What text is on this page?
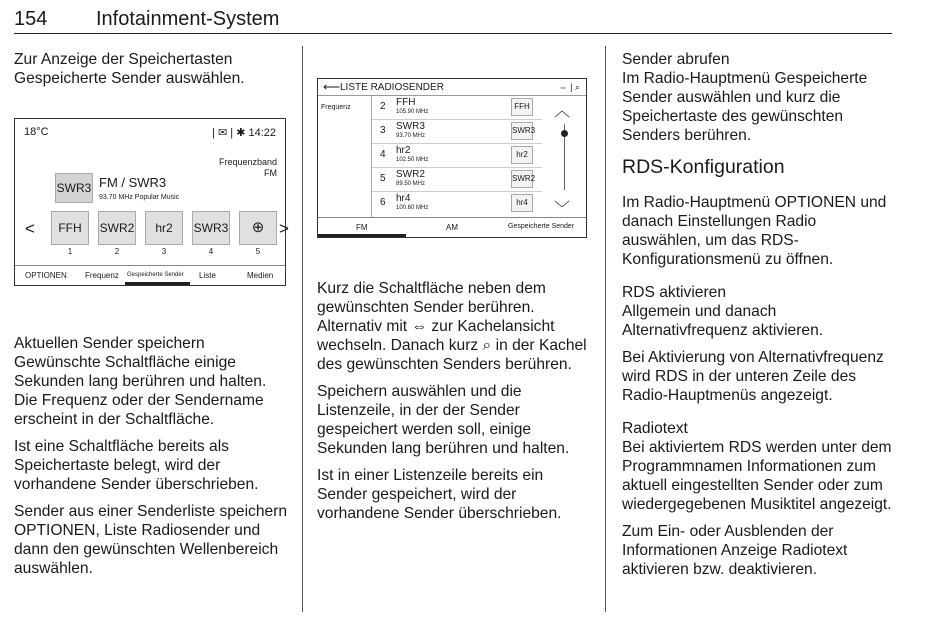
154 Infotainment-System

Zur Anzeige der Speichertasten
Gespeicherte Sender auswählen.

18°C	| ✉ | ✱ 14:22
Frequenzband
FM
SWR3 FM / SWR3
93.70 MHz Popular Music
<	FFH
1
SWR2
2
hr2
3
SWR3
4
⊕
5
>
OPTIONEN Frequenz Gespeicherte Sender Liste	Medien
Aktuellen Sender speichern

Gewünschte Schaltfläche einige Sekunden lang berühren und halten. Die Frequenz oder der Sendername erscheint in der Schaltfläche.

Ist eine Schaltfläche bereits als Speichertaste belegt, wird der vorhandene Sender überschrieben.

Sender aus einer Senderliste speichern

OPTIONEN, Liste Radiosender und dann den gewünschten Wellenbereich auswählen.

⟵ LISTE RADIOSENDER	⇔ | ⌕
Frequenz	2 FFH
105.90 MHz
FFH
3 SWR3
93.70 MHz
SWR3
4 hr2
102.50 MHz
hr2
5 SWR2
89.50 MHz
SWR2
6 hr4
100.60 MHz
hr4
︿
﹀
FM	AM	Gespeicherte Sender

Kurz die Schaltfläche neben dem gewünschten Sender berühren. Alternativ mit ⇔ zur Kachelansicht wechseln. Danach kurz ⌕ in der Kachel des gewünschten Senders berühren.

Speichern auswählen und die Listenzeile, in der der Sender gespeichert werden soll, einige Sekunden lang berühren und halten.

Ist in einer Listenzeile bereits ein Sender gespeichert, wird der vorhandene Sender überschrieben.

Sender abrufen

Im Radio-Hauptmenü Gespeicherte Sender auswählen und kurz die Speichertaste des gewünschten Senders berühren.

RDS-Konfiguration

Im Radio-Hauptmenü OPTIONEN und danach Einstellungen Radio auswählen, um das RDS-Konfigurationsmenü zu öffnen.

RDS aktivieren

Allgemein und danach Alternativfrequenz aktivieren.

Bei Aktivierung von Alternativfrequenz wird RDS in der unteren Zeile des Radio-Hauptmenüs angezeigt.

Radiotext

Bei aktiviertem RDS werden unter dem Programmnamen Informationen zum aktuell eingestellten Sender oder zum wiedergegebenen Musiktitel angezeigt.

Zum Ein- oder Ausblenden der Informationen Anzeige Radiotext aktivieren bzw. deaktivieren.
